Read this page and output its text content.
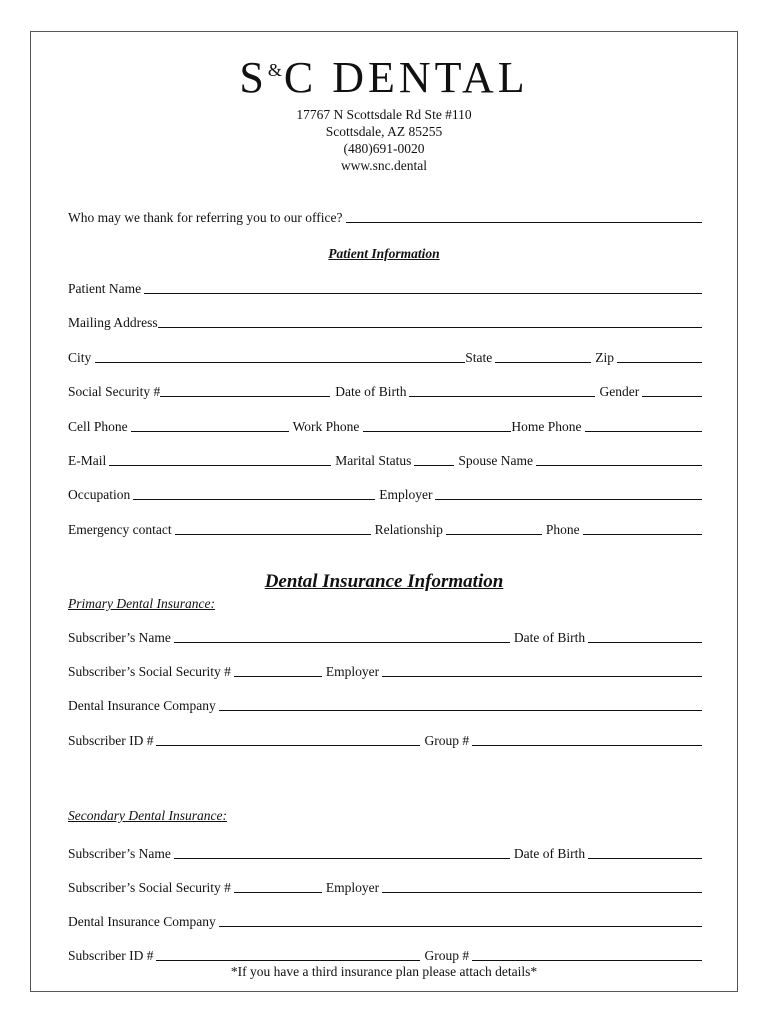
S&C DENTAL
17767 N Scottsdale Rd Ste #110
Scottsdale, AZ 85255
(480)691-0020
www.snc.dental
Who may we thank for referring you to our office?
Patient Information
Patient Name
Mailing Address
City	State	Zip
Social Security #	Date of Birth	Gender
Cell Phone	Work Phone	Home Phone
E-Mail	Marital Status	Spouse Name
Occupation	Employer
Emergency contact	Relationship	Phone
Dental Insurance Information
Primary Dental Insurance:
Subscriber’s Name	Date of Birth
Subscriber’s Social Security #	Employer
Dental Insurance Company
Subscriber ID #	Group #
Secondary Dental Insurance:
Subscriber’s Name	Date of Birth
Subscriber’s Social Security #	Employer
Dental Insurance Company
Subscriber ID #	Group #
*If you have a third insurance plan please attach details*
